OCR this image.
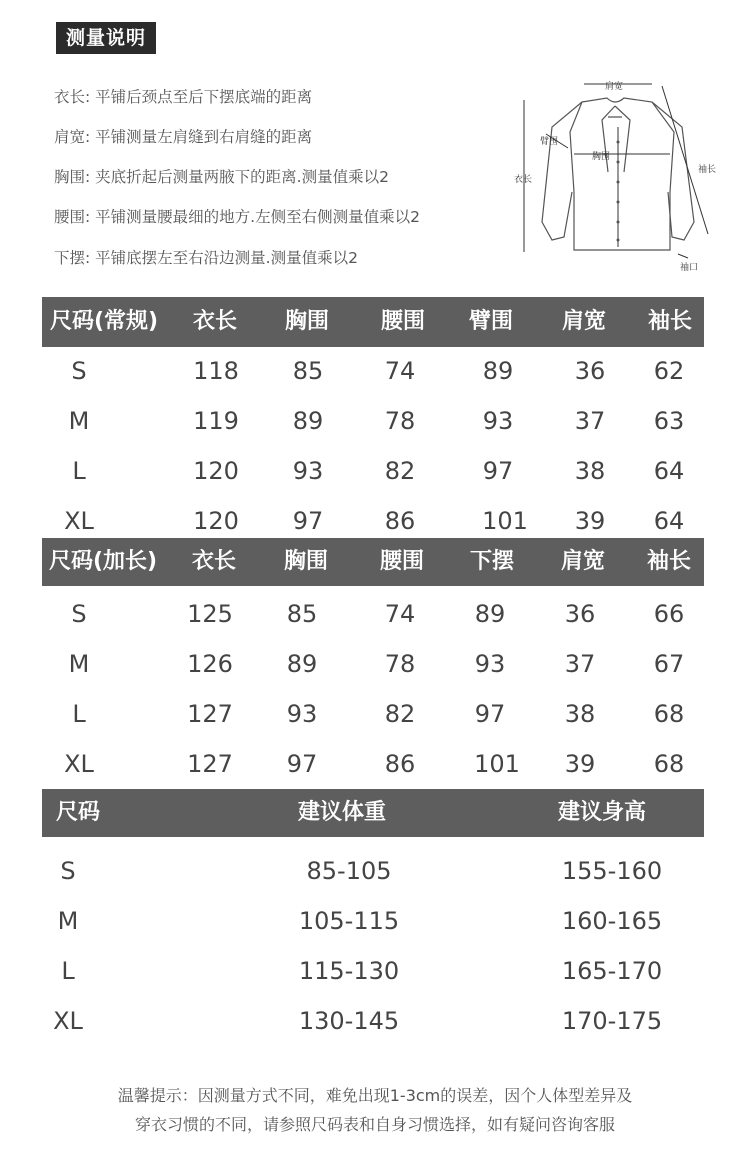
测量说明
衣长: 平铺后颈点至后下摆底端的距离
肩宽: 平铺测量左肩缝到右肩缝的距离
胸围: 夹底折起后测量两腋下的距离.测量值乘以2
腰围: 平铺测量腰最细的地方.左侧至右侧测量值乘以2
下摆: 平铺底摆左至右沿边测量.测量值乘以2
肩宽
臂围
胸围
衣长
袖长
袖口
尺码(常规) 衣长 胸围 腰围 臂围 肩宽 袖长
S	118 85	74	89	36 62
M	119 89	78	93	37 63
L	120 93	82	97	38 64
XL	120 97	86	101 39 64
尺码(加长) 衣长 胸围 腰围 下摆 肩宽 袖长
S	125 85	74 89 36 66
M	126 89	78 93 37 67
L	127 93	82 97 38 68
XL	127 97	86 101 39 68
尺码	建议体重	建议身高
S	85-105	155-160
M	105-115	160-165
L	115-130	165-170
XL	130-145	170-175
温馨提示：因测量方式不同，难免出现1-3cm的误差，因个人体型差异及
穿衣习惯的不同，请参照尺码表和自身习惯选择，如有疑问咨询客服
